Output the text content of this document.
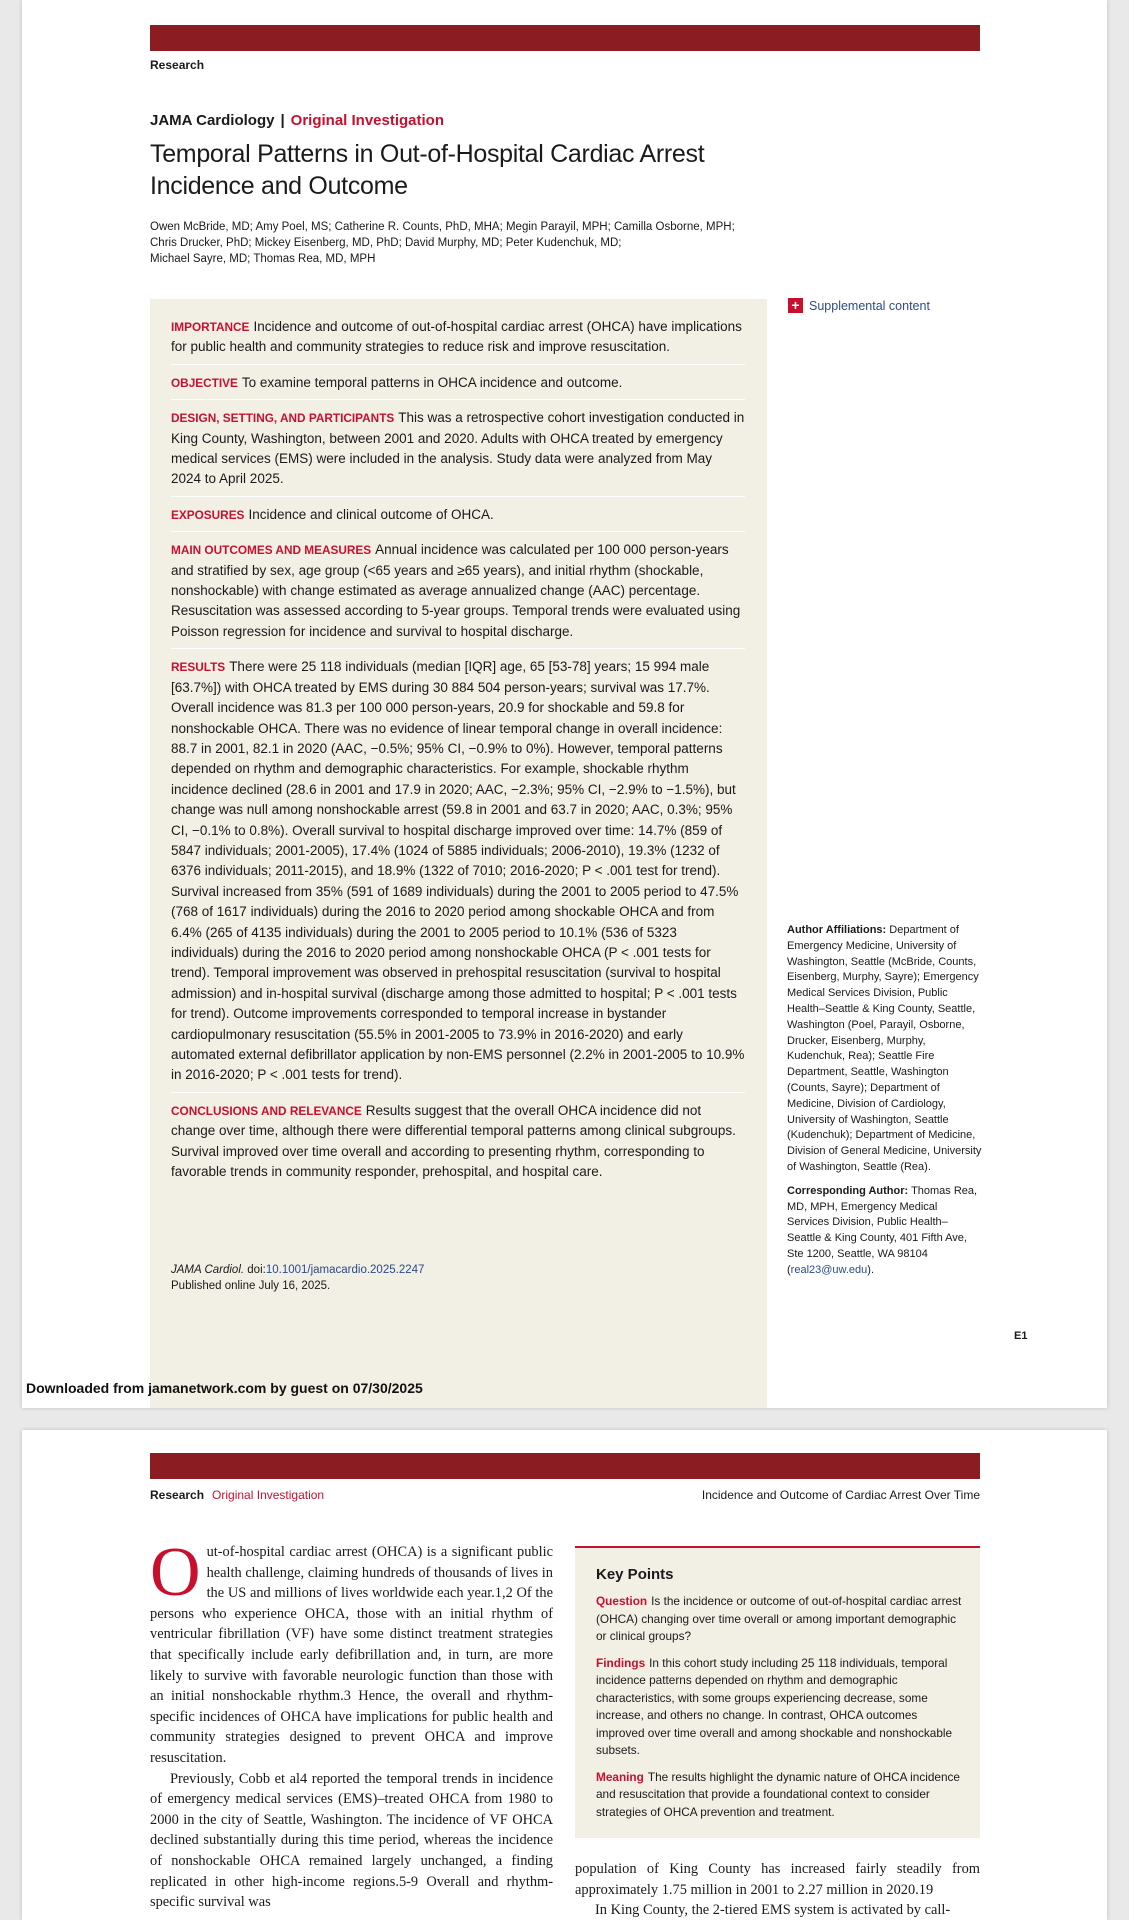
Research
JAMA Cardiology | Original Investigation
Temporal Patterns in Out-of-Hospital Cardiac Arrest Incidence and Outcome
Owen McBride, MD; Amy Poel, MS; Catherine R. Counts, PhD, MHA; Megin Parayil, MPH; Camilla Osborne, MPH;
Chris Drucker, PhD; Mickey Eisenberg, MD, PhD; David Murphy, MD; Peter Kudenchuk, MD;
Michael Sayre, MD; Thomas Rea, MD, MPH
IMPORTANCE Incidence and outcome of out-of-hospital cardiac arrest (OHCA) have implications for public health and community strategies to reduce risk and improve resuscitation.
OBJECTIVE To examine temporal patterns in OHCA incidence and outcome.
DESIGN, SETTING, AND PARTICIPANTS This was a retrospective cohort investigation conducted in King County, Washington, between 2001 and 2020. Adults with OHCA treated by emergency medical services (EMS) were included in the analysis. Study data were analyzed from May 2024 to April 2025.
EXPOSURES Incidence and clinical outcome of OHCA.
MAIN OUTCOMES AND MEASURES Annual incidence was calculated per 100 000 person-years and stratified by sex, age group (<65 years and ≥65 years), and initial rhythm (shockable, nonshockable) with change estimated as average annualized change (AAC) percentage. Resuscitation was assessed according to 5-year groups. Temporal trends were evaluated using Poisson regression for incidence and survival to hospital discharge.
RESULTS There were 25 118 individuals (median [IQR] age, 65 [53-78] years; 15 994 male [63.7%]) with OHCA treated by EMS during 30 884 504 person-years; survival was 17.7%. Overall incidence was 81.3 per 100 000 person-years, 20.9 for shockable and 59.8 for nonshockable OHCA. There was no evidence of linear temporal change in overall incidence: 88.7 in 2001, 82.1 in 2020 (AAC, −0.5%; 95% CI, −0.9% to 0%). However, temporal patterns depended on rhythm and demographic characteristics. For example, shockable rhythm incidence declined (28.6 in 2001 and 17.9 in 2020; AAC, −2.3%; 95% CI, −2.9% to −1.5%), but change was null among nonshockable arrest (59.8 in 2001 and 63.7 in 2020; AAC, 0.3%; 95% CI, −0.1% to 0.8%). Overall survival to hospital discharge improved over time: 14.7% (859 of 5847 individuals; 2001-2005), 17.4% (1024 of 5885 individuals; 2006-2010), 19.3% (1232 of 6376 individuals; 2011-2015), and 18.9% (1322 of 7010; 2016-2020; P < .001 test for trend). Survival increased from 35% (591 of 1689 individuals) during the 2001 to 2005 period to 47.5% (768 of 1617 individuals) during the 2016 to 2020 period among shockable OHCA and from 6.4% (265 of 4135 individuals) during the 2001 to 2005 period to 10.1% (536 of 5323 individuals) during the 2016 to 2020 period among nonshockable OHCA (P < .001 tests for trend). Temporal improvement was observed in prehospital resuscitation (survival to hospital admission) and in-hospital survival (discharge among those admitted to hospital; P < .001 tests for trend). Outcome improvements corresponded to temporal increase in bystander cardiopulmonary resuscitation (55.5% in 2001-2005 to 73.9% in 2016-2020) and early automated external defibrillator application by non-EMS personnel (2.2% in 2001-2005 to 10.9% in 2016-2020; P < .001 tests for trend).
CONCLUSIONS AND RELEVANCE Results suggest that the overall OHCA incidence did not change over time, although there were differential temporal patterns among clinical subgroups. Survival improved over time overall and according to presenting rhythm, corresponding to favorable trends in community responder, prehospital, and hospital care.
JAMA Cardiol. doi:10.1001/jamacardio.2025.2247
Published online July 16, 2025.
+ Supplemental content

Author Affiliations: Department of Emergency Medicine, University of Washington, Seattle (McBride, Counts, Eisenberg, Murphy, Sayre); Emergency Medical Services Division, Public Health–Seattle & King County, Seattle, Washington (Poel, Parayil, Osborne, Drucker, Eisenberg, Murphy, Kudenchuk, Rea); Seattle Fire Department, Seattle, Washington (Counts, Sayre); Department of Medicine, Division of Cardiology, University of Washington, Seattle (Kudenchuk); Department of Medicine, Division of General Medicine, University of Washington, Seattle (Rea).

Corresponding Author: Thomas Rea, MD, MPH, Emergency Medical Services Division, Public Health–Seattle & King County, 401 Fifth Ave, Ste 1200, Seattle, WA 98104 (real23@uw.edu).

E1
Downloaded from jamanetwork.com by guest on 07/30/2025
Research Original Investigation	Incidence and Outcome of Cardiac Arrest Over Time

Out-of-hospital cardiac arrest (OHCA) is a significant public health challenge, claiming hundreds of thousands of lives in the US and millions of lives worldwide each year.1,2 Of the persons who experience OHCA, those with an initial rhythm of ventricular fibrillation (VF) have some distinct treatment strategies that specifically include early defibrillation and, in turn, are more likely to survive with favorable neurologic function than those with an initial nonshockable rhythm.3 Hence, the overall and rhythm-specific incidences of OHCA have implications for public health and community strategies designed to prevent OHCA and improve resuscitation.

Previously, Cobb et al4 reported the temporal trends in incidence of emergency medical services (EMS)–treated OHCA from 1980 to 2000 in the city of Seattle, Washington. The incidence of VF OHCA declined substantially during this time period, whereas the incidence of nonshockable OHCA remained largely unchanged, a finding replicated in other high-income regions.5-9 Overall and rhythm-specific survival was

Key Points
Question Is the incidence or outcome of out-of-hospital cardiac arrest (OHCA) changing over time overall or among important demographic or clinical groups?
Findings In this cohort study including 25 118 individuals, temporal incidence patterns depended on rhythm and demographic characteristics, with some groups experiencing decrease, some increase, and others no change. In contrast, OHCA outcomes improved over time overall and among shockable and nonshockable subsets.
Meaning The results highlight the dynamic nature of OHCA incidence and resuscitation that provide a foundational context to consider strategies of OHCA prevention and treatment.

population of King County has increased fairly steadily from approximately 1.75 million in 2001 to 2.27 million in 2020.19

In King County, the 2-tiered EMS system is activated by call-
